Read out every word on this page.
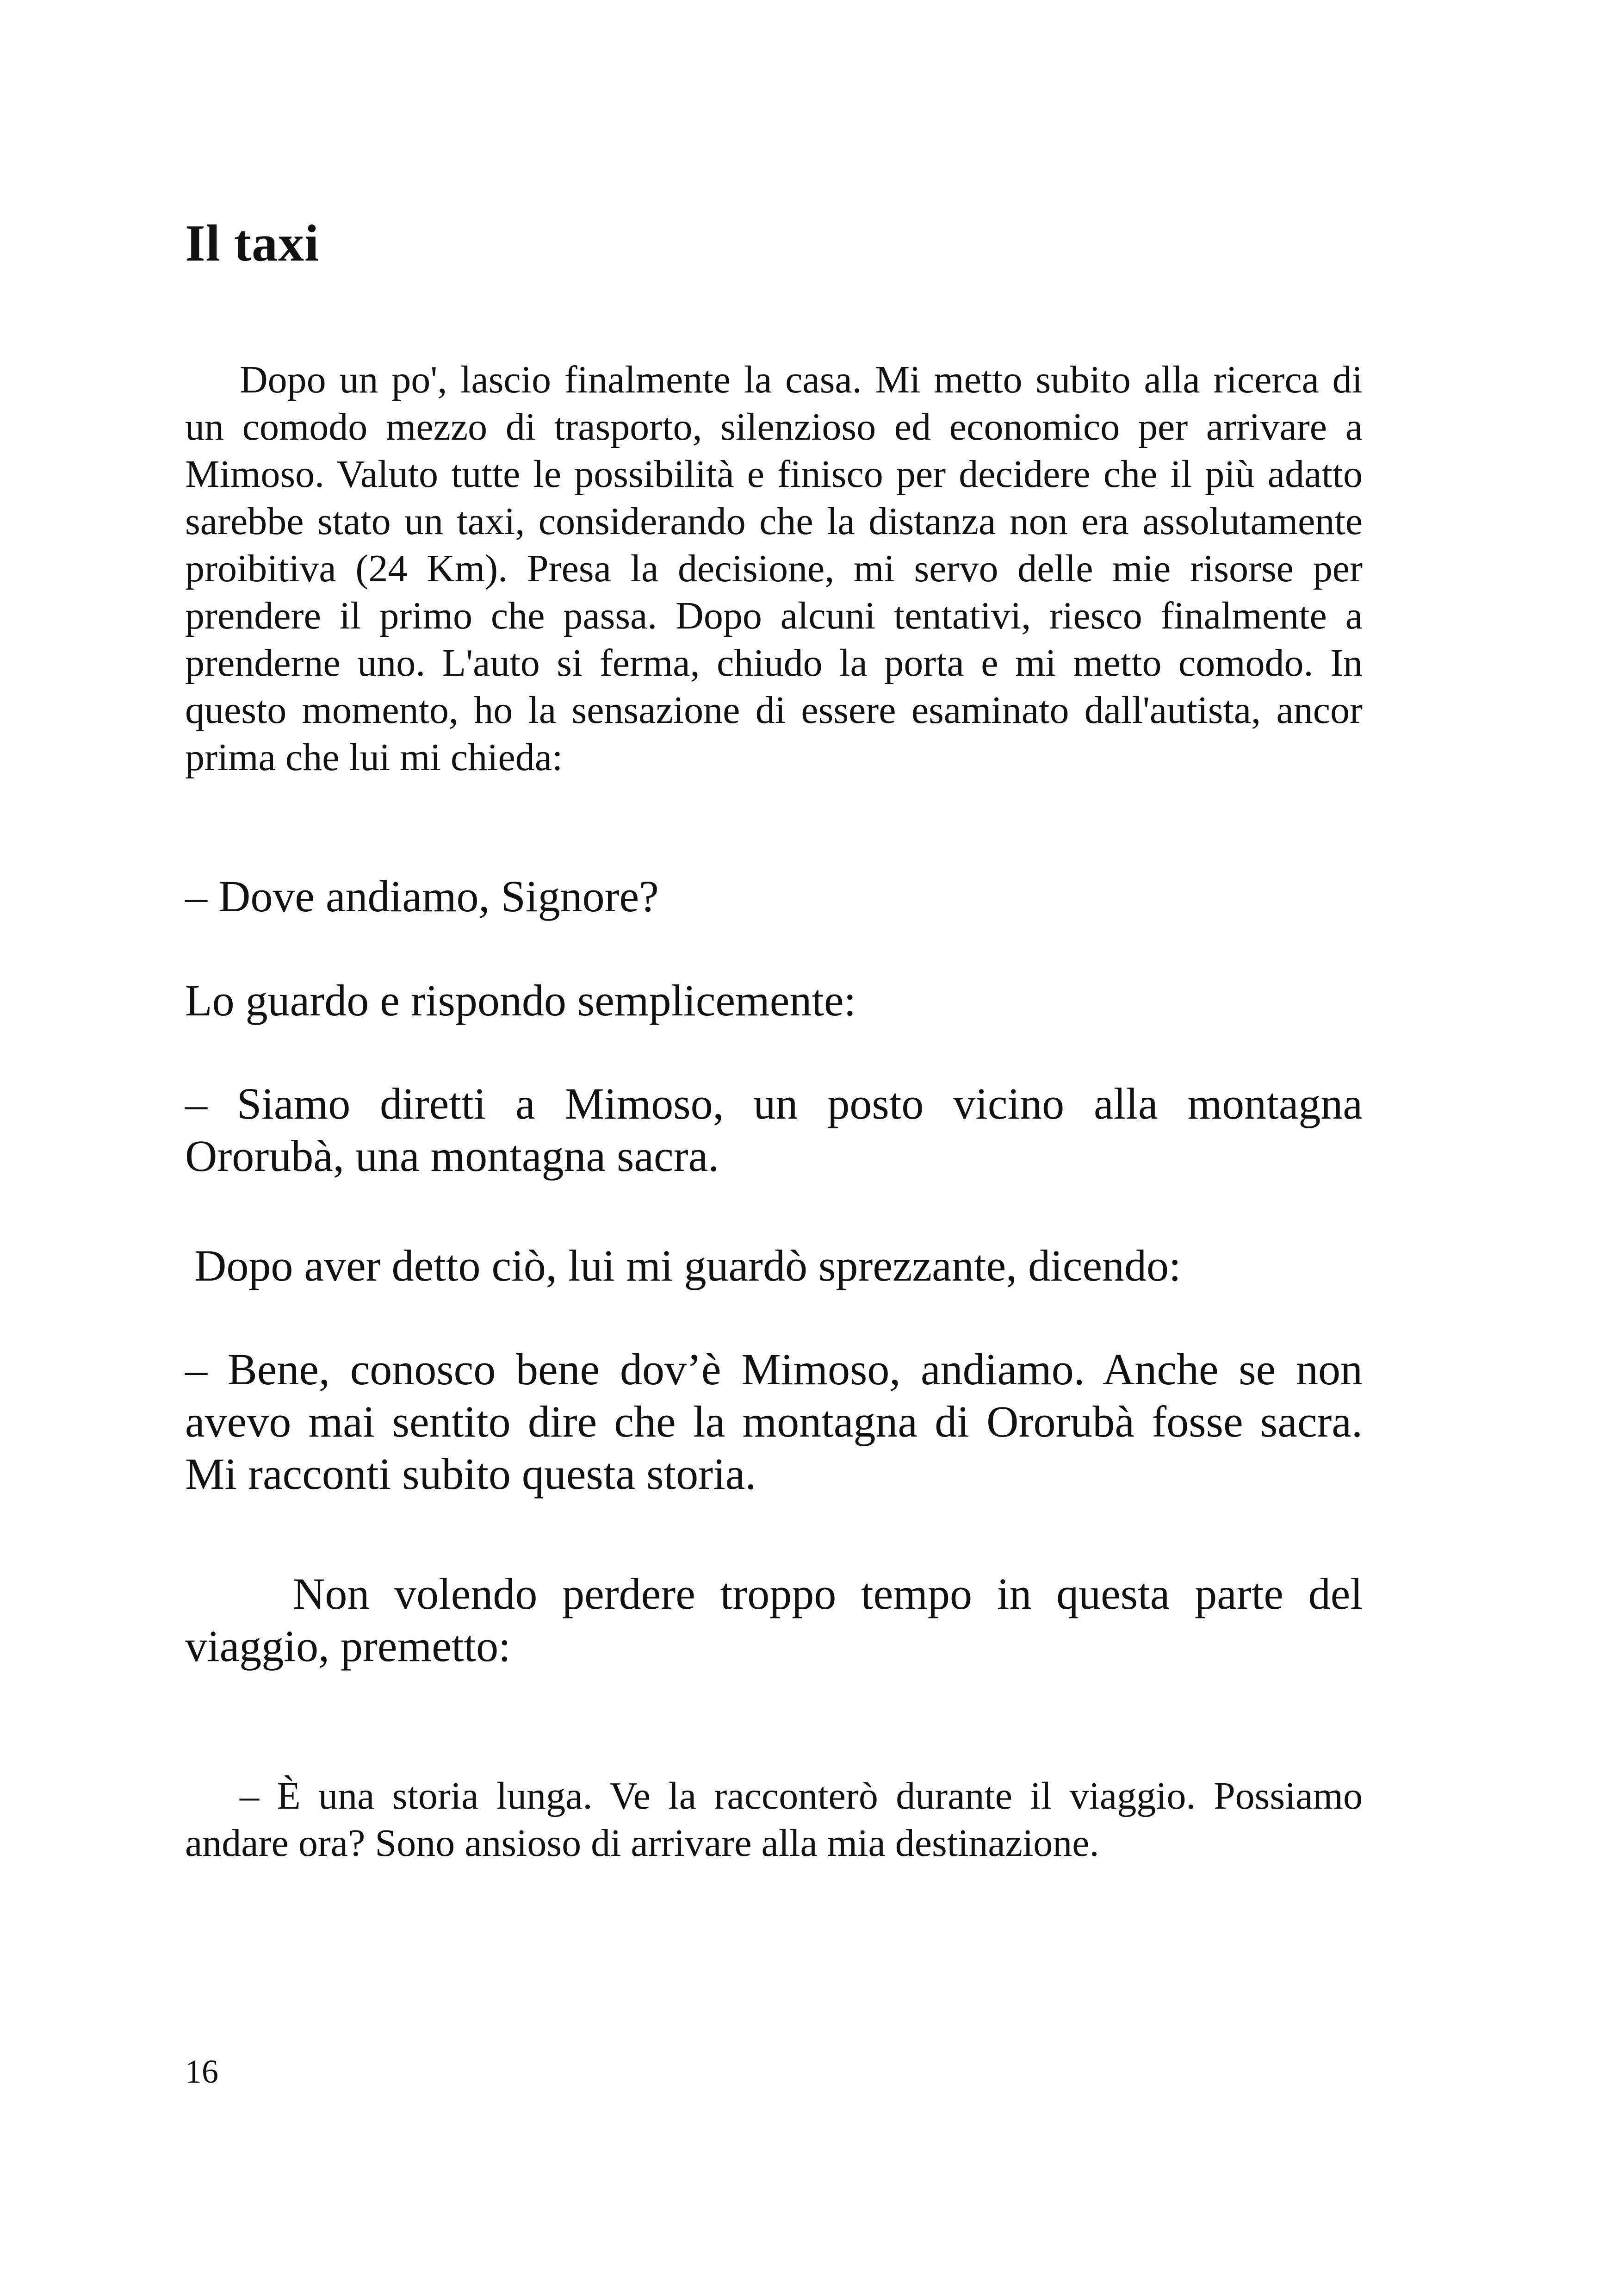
Il taxi

Dopo un po', lascio finalmente la casa. Mi metto subito alla ricerca di un comodo mezzo di trasporto, silenzioso ed economico per arrivare a Mimoso. Valuto tutte le possibilità e finisco per decidere che il più adatto sarebbe stato un taxi, considerando che la distanza non era assolutamente proibitiva (24 Km). Presa la decisione, mi servo delle mie risorse per prendere il primo che passa. Dopo alcuni tentativi, riesco finalmente a prenderne uno. L'auto si ferma, chiudo la porta e mi metto comodo. In questo momento, ho la sensazione di essere esaminato dall'autista, ancor prima che lui mi chieda:

– Dove andiamo, Signore?

Lo guardo e rispondo semplicemente:

– Siamo diretti a Mimoso, un posto vicino alla montagna Ororubà, una montagna sacra.

Dopo aver detto ciò, lui mi guardò sprezzante, dicendo:

– Bene, conosco bene dov’è Mimoso, andiamo. Anche se non avevo mai sentito dire che la montagna di Ororubà fosse sacra. Mi racconti subito questa storia.

Non volendo perdere troppo tempo in questa parte del viaggio, premetto:

– È una storia lunga. Ve la racconterò durante il viaggio. Possiamo andare ora? Sono ansioso di arrivare alla mia destinazione.

16
